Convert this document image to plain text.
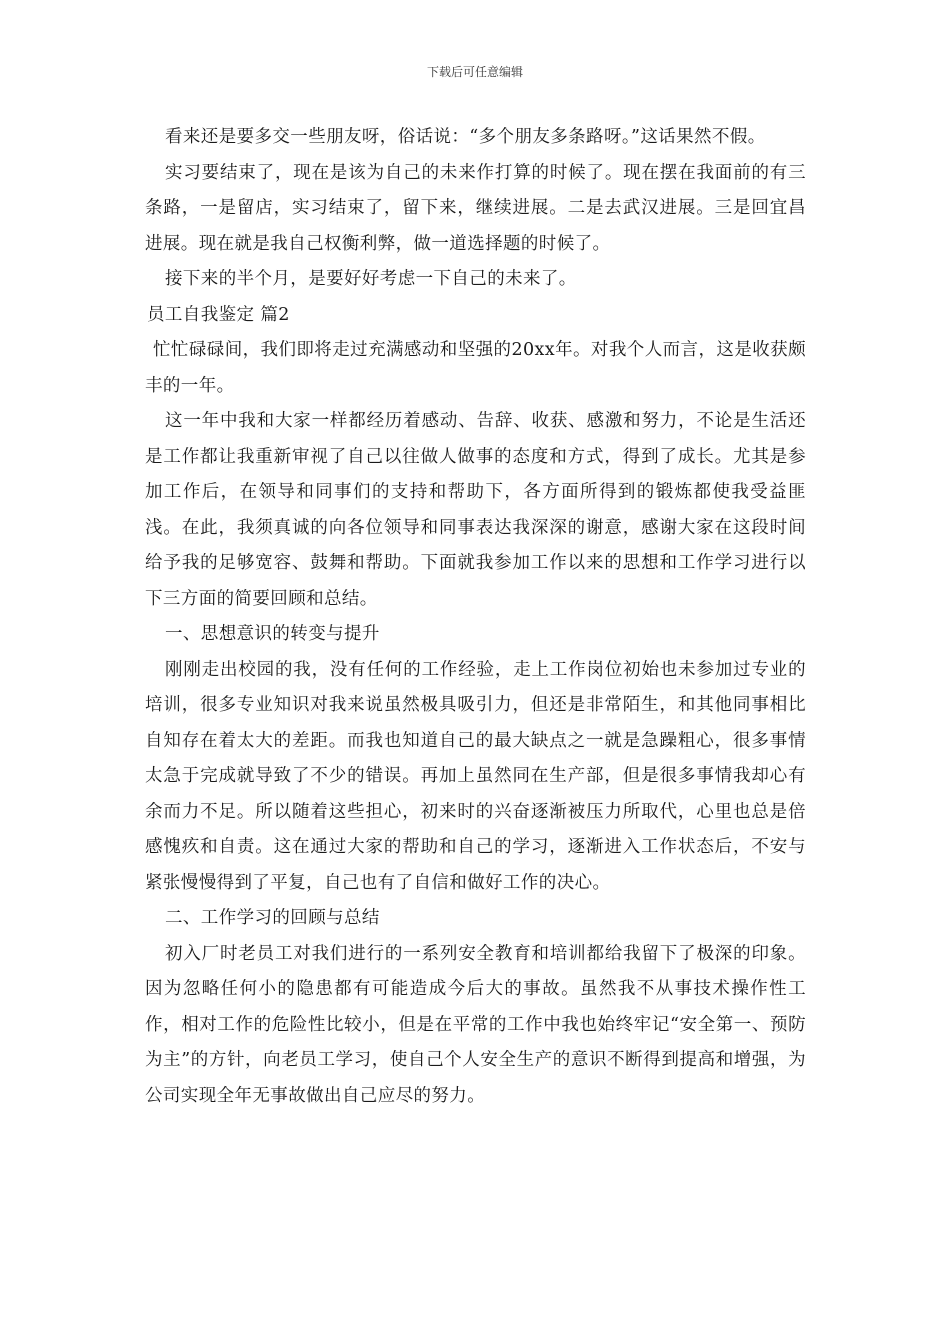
下载后可任意编辑

看来还是要多交一些朋友呀，俗话说：“多个朋友多条路呀。”这话果然不假。

实习要结束了，现在是该为自己的未来作打算的时候了。现在摆在我面前的有三条路，一是留店，实习结束了，留下来，继续进展。二是去武汉进展。三是回宜昌进展。现在就是我自己权衡利弊，做一道选择题的时候了。

接下来的半个月，是要好好考虑一下自己的未来了。

员工自我鉴定 篇2

忙忙碌碌间，我们即将走过充满感动和坚强的20xx年。对我个人而言，这是收获颇丰的一年。

这一年中我和大家一样都经历着感动、告辞、收获、感激和努力，不论是生活还是工作都让我重新审视了自己以往做人做事的态度和方式，得到了成长。尤其是参加工作后，在领导和同事们的支持和帮助下，各方面所得到的锻炼都使我受益匪浅。在此，我须真诚的向各位领导和同事表达我深深的谢意，感谢大家在这段时间给予我的足够宽容、鼓舞和帮助。下面就我参加工作以来的思想和工作学习进行以下三方面的简要回顾和总结。

一、思想意识的转变与提升

刚刚走出校园的我，没有任何的工作经验，走上工作岗位初始也未参加过专业的培训，很多专业知识对我来说虽然极具吸引力，但还是非常陌生，和其他同事相比自知存在着太大的差距。而我也知道自己的最大缺点之一就是急躁粗心，很多事情太急于完成就导致了不少的错误。再加上虽然同在生产部，但是很多事情我却心有余而力不足。所以随着这些担心，初来时的兴奋逐渐被压力所取代，心里也总是倍感愧疚和自责。这在通过大家的帮助和自己的学习，逐渐进入工作状态后，不安与紧张慢慢得到了平复，自己也有了自信和做好工作的决心。

二、工作学习的回顾与总结

初入厂时老员工对我们进行的一系列安全教育和培训都给我留下了极深的印象。因为忽略任何小的隐患都有可能造成今后大的事故。虽然我不从事技术操作性工作，相对工作的危险性比较小，但是在平常的工作中我也始终牢记“安全第一、预防为主”的方针，向老员工学习，使自己个人安全生产的意识不断得到提高和增强，为公司实现全年无事故做出自己应尽的努力。
